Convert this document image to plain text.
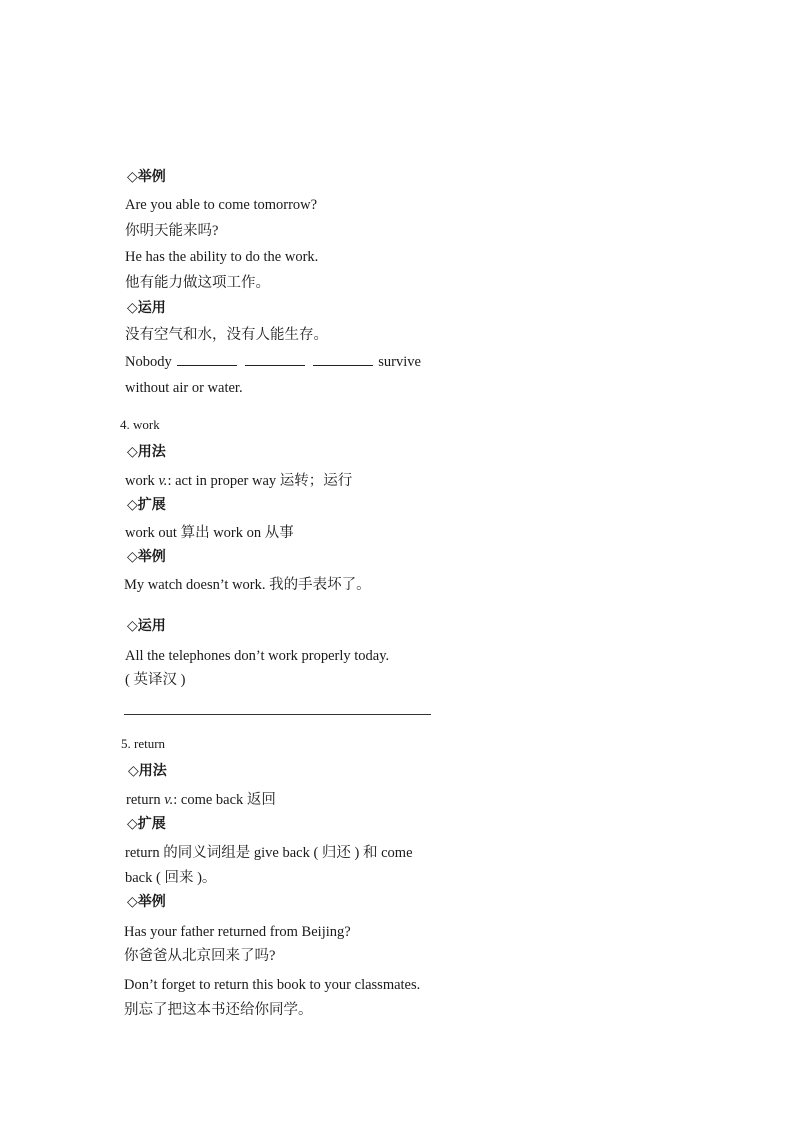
◇举例
Are you able to come tomorrow?
你明天能来吗?
He has the ability to do the work.
他有能力做这项工作。
◇运用
没有空气和水，没有人能生存。
Nobody	survive
without air or water.
4. work
◇用法
work v.: act in proper way 运转；运行
◇扩展
work out 算出 work on 从事
◇举例
My watch doesn’t work. 我的手表坏了。
◇运用
All the telephones don’t work properly today.
( 英译汉 )
5. return
◇用法
return v.: come back 返回
◇扩展
return 的同义词组是 give back ( 归还 ) 和 come
back ( 回来 )。
◇举例
Has your father returned from Beijing?
你爸爸从北京回来了吗?
Don’t forget to return this book to your classmates.
别忘了把这本书还给你同学。
